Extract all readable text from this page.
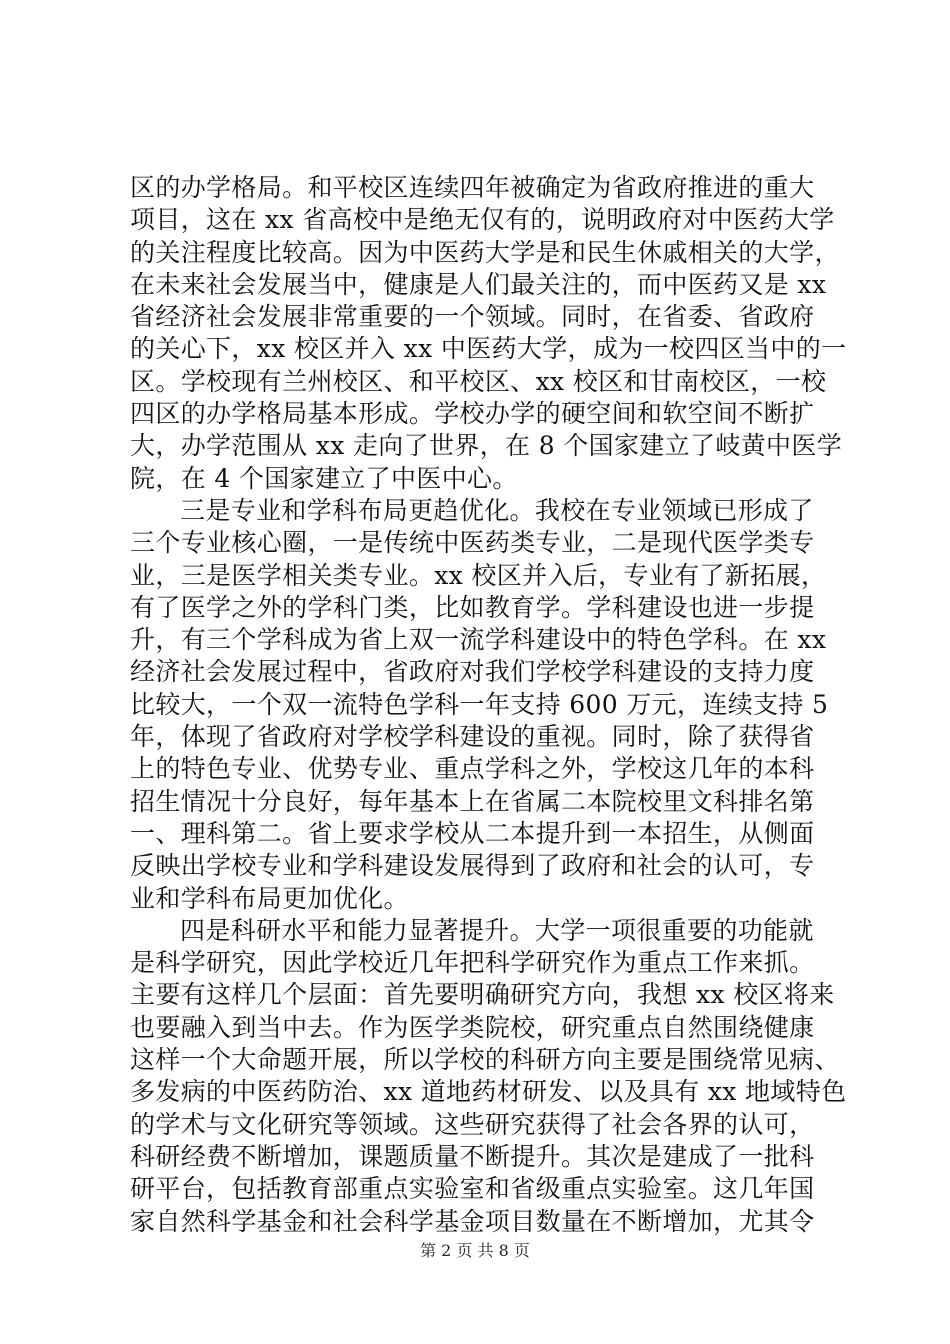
区的办学格局。和平校区连续四年被确定为省政府推进的重大
项目，这在 xx 省高校中是绝无仅有的，说明政府对中医药大学
的关注程度比较高。因为中医药大学是和民生休戚相关的大学，
在未来社会发展当中，健康是人们最关注的，而中医药又是 xx
省经济社会发展非常重要的一个领域。同时，在省委、省政府
的关心下，xx 校区并入 xx 中医药大学，成为一校四区当中的一
区。学校现有兰州校区、和平校区、xx 校区和甘南校区，一校
四区的办学格局基本形成。学校办学的硬空间和软空间不断扩
大，办学范围从 xx 走向了世界，在 8 个国家建立了岐黄中医学
院，在 4 个国家建立了中医中心。
三是专业和学科布局更趋优化。我校在专业领域已形成了
三个专业核心圈，一是传统中医药类专业，二是现代医学类专
业，三是医学相关类专业。xx 校区并入后，专业有了新拓展，
有了医学之外的学科门类，比如教育学。学科建设也进一步提
升，有三个学科成为省上双一流学科建设中的特色学科。在 xx
经济社会发展过程中，省政府对我们学校学科建设的支持力度
比较大，一个双一流特色学科一年支持 600 万元，连续支持 5
年，体现了省政府对学校学科建设的重视。同时，除了获得省
上的特色专业、优势专业、重点学科之外，学校这几年的本科
招生情况十分良好，每年基本上在省属二本院校里文科排名第
一、理科第二。省上要求学校从二本提升到一本招生，从侧面
反映出学校专业和学科建设发展得到了政府和社会的认可，专
业和学科布局更加优化。
四是科研水平和能力显著提升。大学一项很重要的功能就
是科学研究，因此学校近几年把科学研究作为重点工作来抓。
主要有这样几个层面：首先要明确研究方向，我想 xx 校区将来
也要融入到当中去。作为医学类院校，研究重点自然围绕健康
这样一个大命题开展，所以学校的科研方向主要是围绕常见病、
多发病的中医药防治、xx 道地药材研发、以及具有 xx 地域特色
的学术与文化研究等领域。这些研究获得了社会各界的认可，
科研经费不断增加，课题质量不断提升。其次是建成了一批科
研平台，包括教育部重点实验室和省级重点实验室。这几年国
家自然科学基金和社会科学基金项目数量在不断增加，尤其令
第 2 页 共 8 页
